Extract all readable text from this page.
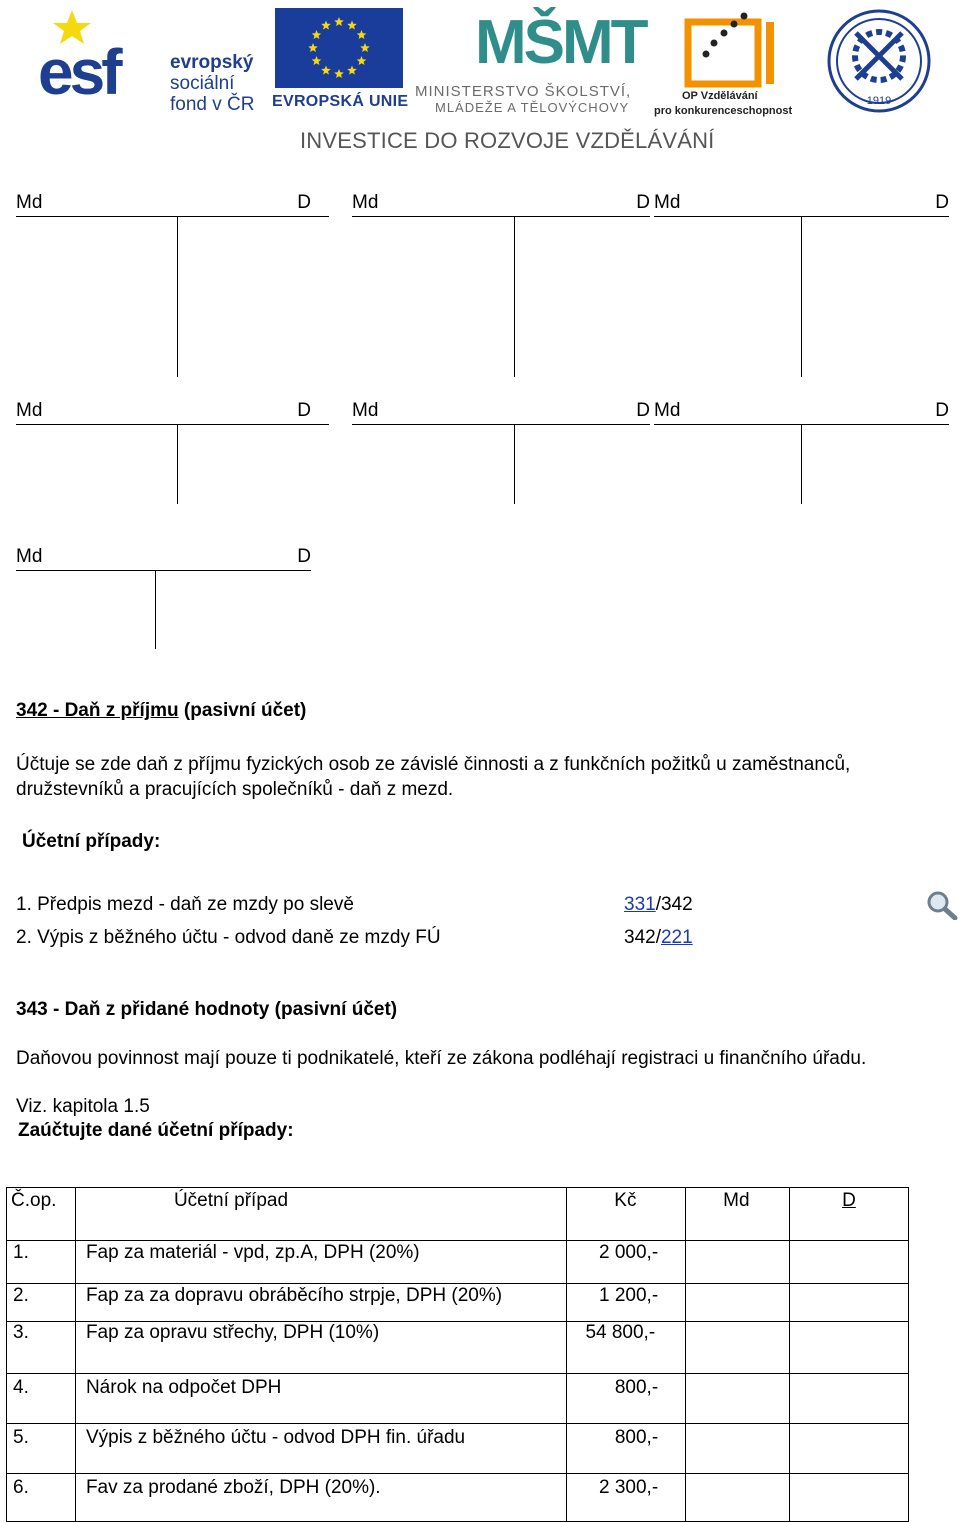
esf	evropský
sociální
fond v ČR EVROPSKÁ UNIE
MŠMT
MINISTERSTVO ŠKOLSTVÍ,
MLÁDEŽE A TĚLOVÝCHOVY
OP Vzdělávání
pro konkurenceschopnost
1919
INVESTICE DO ROZVOJE VZDĚLÁVÁNÍ
Md	D Md	D Md	D
Md	D Md	D Md	D
Md	D
342 - Daň z příjmu (pasivní účet)
Účtuje se zde daň z příjmu fyzických osob ze závislé činnosti a z funkčních požitků u zaměstnanců,
družstevníků a pracujících společníků - daň z mezd.
Účetní případy:
1. Předpis mezd - daň ze mzdy po slevě	331/342
2. Výpis z běžného účtu - odvod daně ze mzdy FÚ	342/221
343 - Daň z přidané hodnoty (pasivní účet)
Daňovou povinnost mají pouze ti podnikatelé, kteří ze zákona podléhají registraci u finančního úřadu.
Viz. kapitola 1.5
Zaúčtujte dané účetní případy:
Č.op.	Účetní případ	Kč	Md	D

1.	Fap za materiál - vpd, zp.A, DPH (20%)	2 000,-		

2.	Fap za za dopravu obráběcího strpje, DPH (20%)	1 200,-		

3.	Fap za opravu střechy, DPH (10%)	54 800,-		

4.	Nárok na odpočet DPH	800,-		

5.	Výpis z běžného účtu - odvod DPH fin. úřadu	800,-		

6.	Fav za prodané zboží, DPH (20%).	2 300,-		
